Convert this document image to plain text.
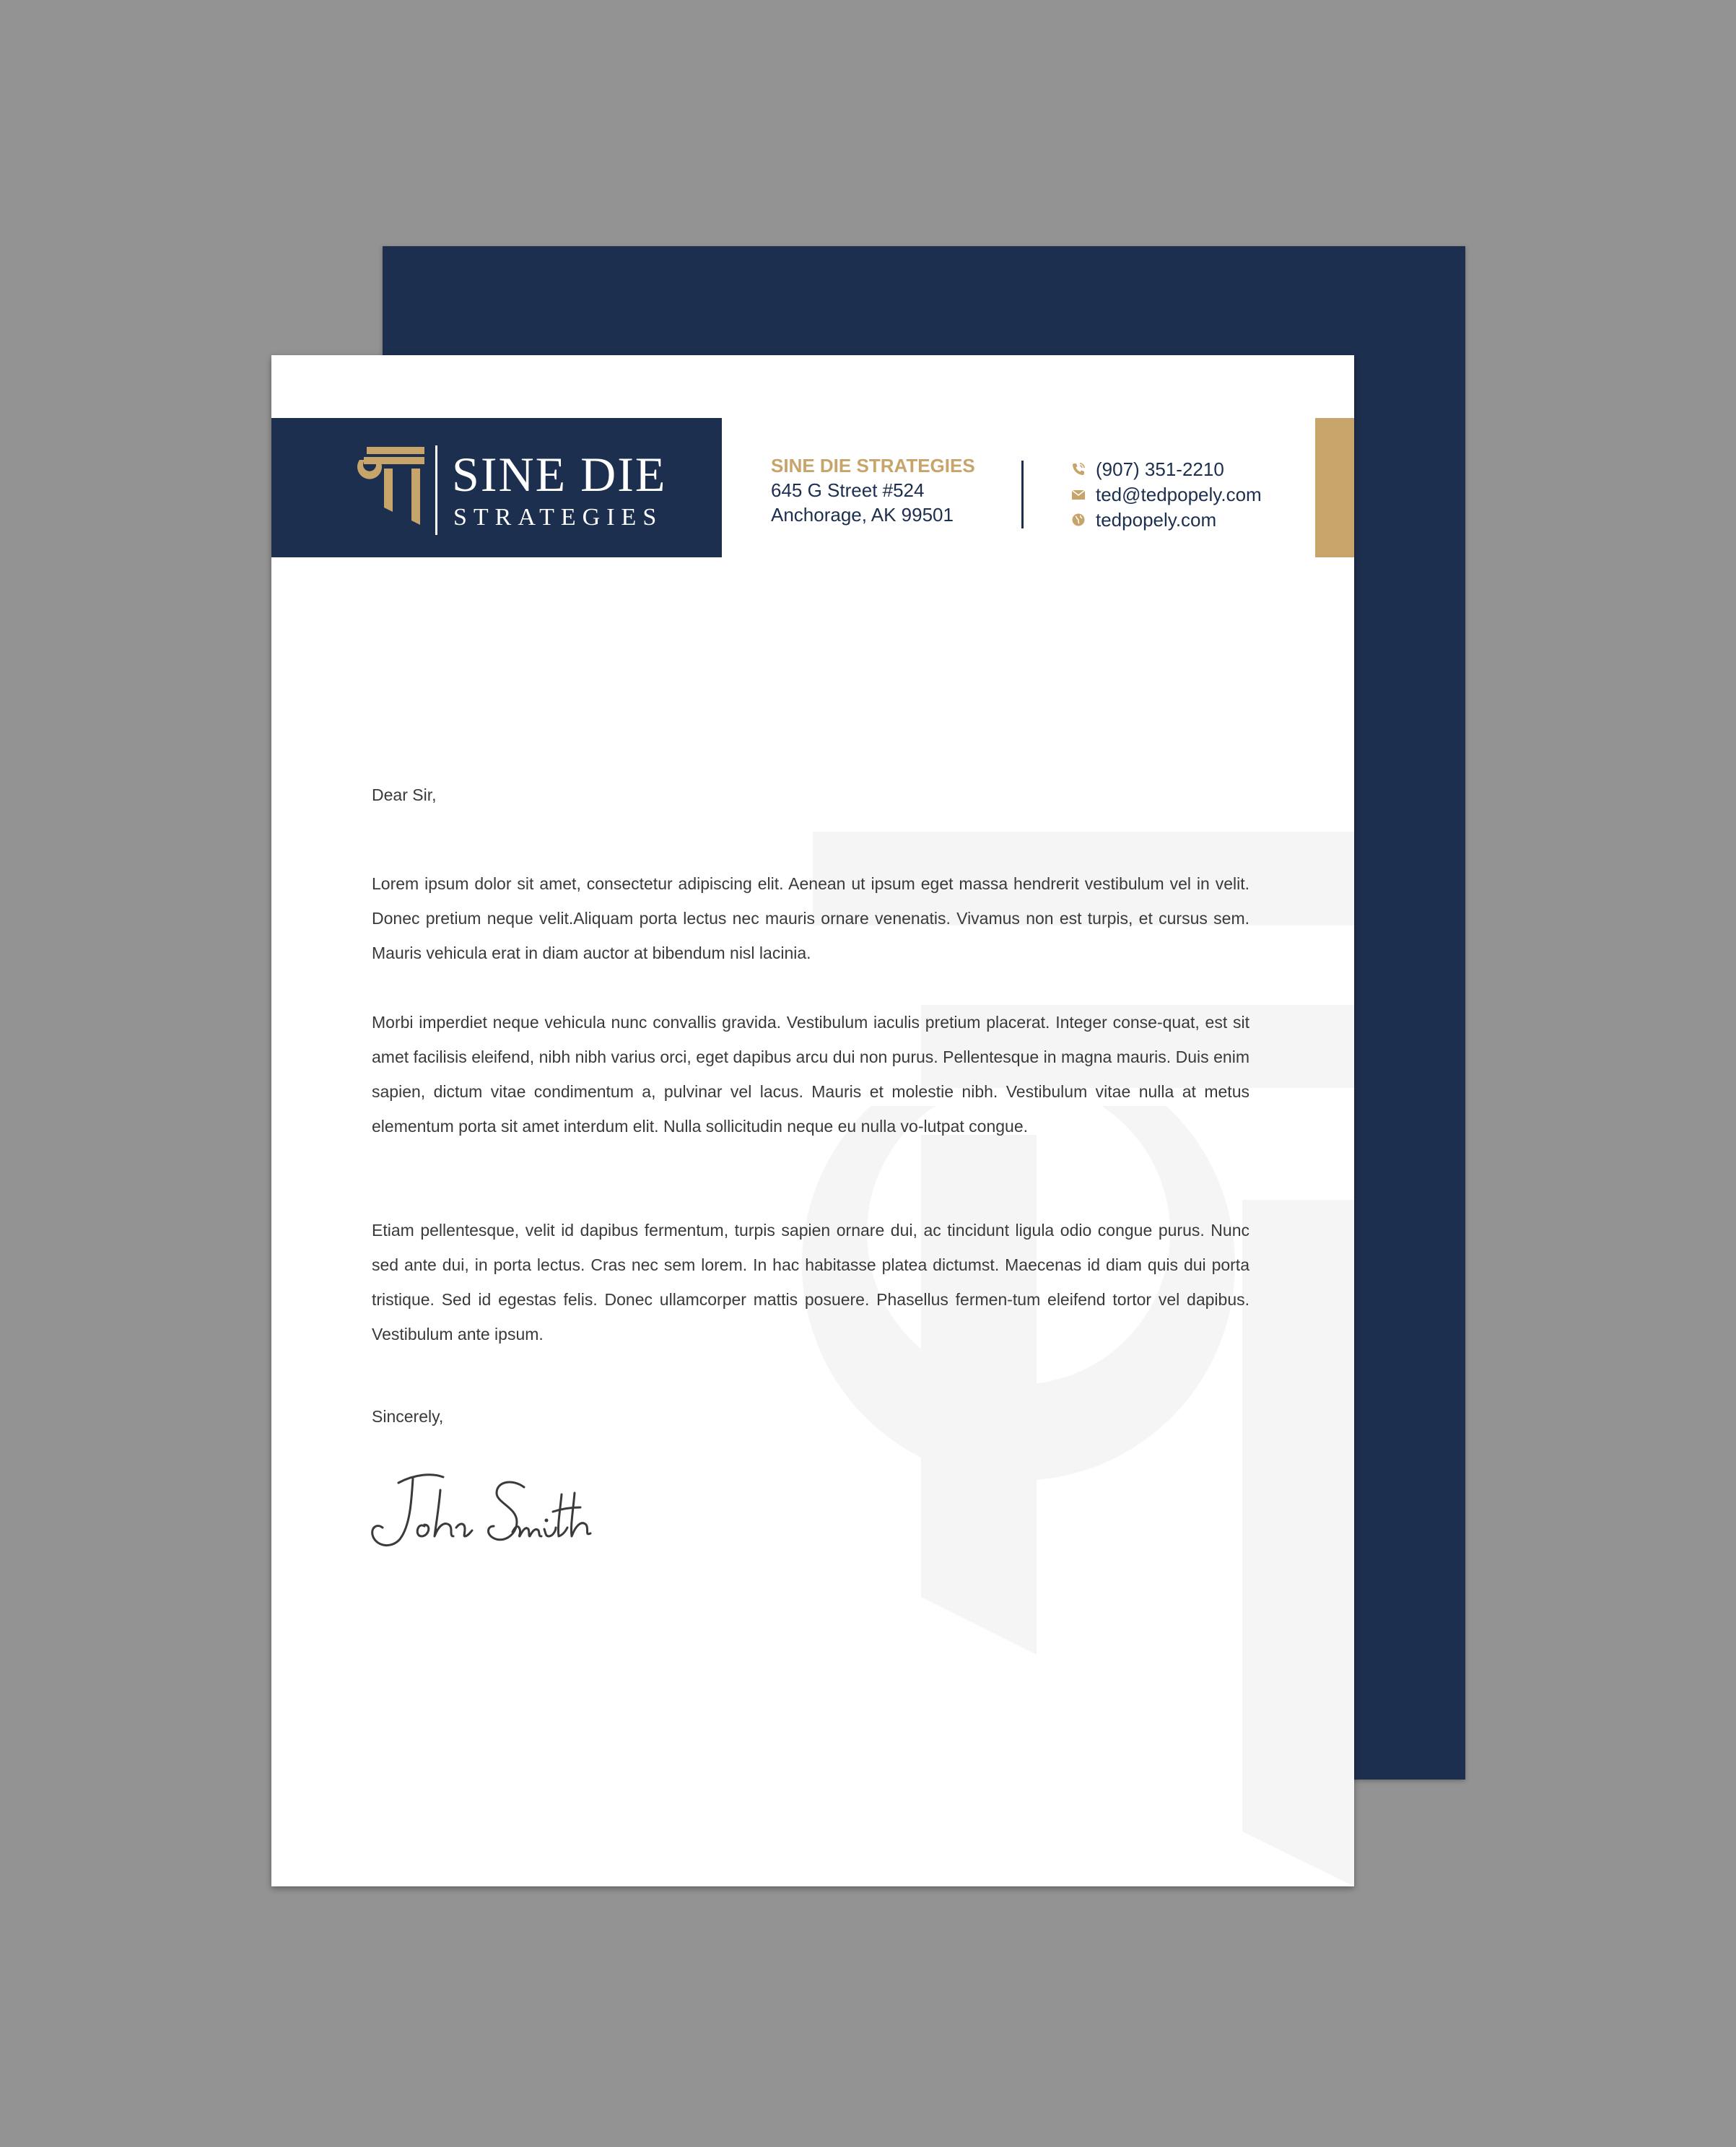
SINE DIE
STRATEGIES
SINE DIE STRATEGIES
645 G Street #524
Anchorage, AK 99501
(907) 351-2210
ted@tedpopely.com
tedpopely.com
Dear Sir,

Lorem ipsum dolor sit amet, consectetur adipiscing elit. Aenean ut ipsum eget massa hendrerit vestibulum vel in velit. Donec pretium neque velit.Aliquam porta lectus nec mauris ornare venenatis. Vivamus non est turpis, et cursus sem. Mauris vehicula erat in diam auctor at bibendum nisl lacinia.

Morbi imperdiet neque vehicula nunc convallis gravida. Vestibulum iaculis pretium placerat. Integer conse-quat, est sit amet facilisis eleifend, nibh nibh varius orci, eget dapibus arcu dui non purus. Pellentesque in magna mauris. Duis enim sapien, dictum vitae condimentum a, pulvinar vel lacus. Mauris et molestie nibh. Vestibulum vitae nulla at metus elementum porta sit amet interdum elit. Nulla sollicitudin neque eu nulla vo-lutpat congue.

Etiam pellentesque, velit id dapibus fermentum, turpis sapien ornare dui, ac tincidunt ligula odio congue purus. Nunc sed ante dui, in porta lectus. Cras nec sem lorem. In hac habitasse platea dictumst. Maecenas id diam quis dui porta tristique. Sed id egestas felis. Donec ullamcorper mattis posuere. Phasellus fermen-tum eleifend tortor vel dapibus. Vestibulum ante ipsum.

Sincerely,
